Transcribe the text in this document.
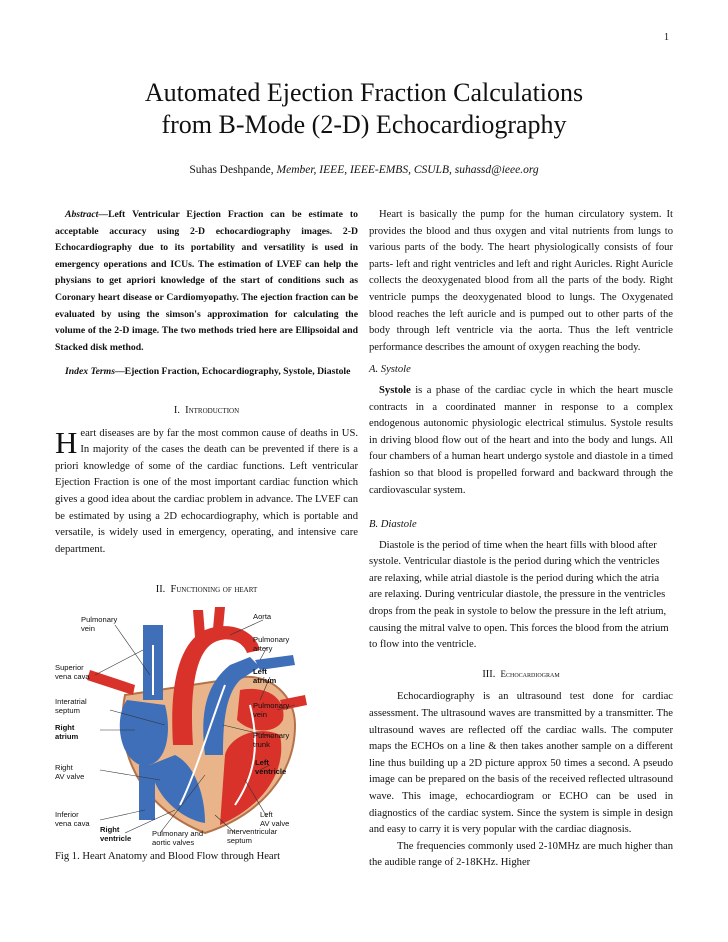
1
Automated Ejection Fraction Calculations
from B-Mode (2-D) Echocardiography
Suhas Deshpande, Member, IEEE, IEEE-EMBS, CSULB, suhassd@ieee.org

Abstract—Left Ventricular Ejection Fraction can be estimate to acceptable accuracy using 2-D echocardiography images. 2-D Echocardiography due to its portability and versatility is used in emergency operations and ICUs. The estimation of LVEF can help the physians to get apriori knowledge of the start of conditions such as Coronary heart disease or Cardiomyopathy. The ejection fraction can be evaluated by using the simson's approximation for calculating the volume of the 2-D image. The two methods tried here are Ellipsoidal and Stacked disk method.

Index Terms—Ejection Fraction, Echocardiography, Systole, Diastole

I. Introduction

Heart diseases are by far the most common cause of deaths in US. In majority of the cases the death can be prevented if there is a priori knowledge of some of the cardiac functions. Left ventricular Ejection Fraction is one of the most important cardiac function which gives a good idea about the cardiac problem in advance. The LVEF can be estimated by using a 2D echocardiography, which is portable and versatile, is widely used in emergency, operating, and intensive care department.

II. Functioning of heart
Pulmonary
vein
Aorta
Superior
vena cava
Pulmonary
artery
Left
atrium
Interatrial
septum
Right
atrium
Pulmonary
vein
Pulmonary
trunk
Left
ventricle
Right
AV valve
Inferior
vena cava
Right
ventricle
Pulmonary and
aortic valves
Interventricular
septum
Left
AV valve
Fig 1. Heart Anatomy and Blood Flow through Heart

Heart is basically the pump for the human circulatory system. It provides the blood and thus oxygen and vital nutrients from lungs to various parts of the body. The heart physiologically consists of four parts- left and right ventricles and left and right Auricles. Right Auricle collects the deoxygenated blood from all the parts of the body. Right ventricle pumps the deoxygenated blood to lungs. The Oxygenated blood reaches the left auricle and is pumped out to other parts of the body through left ventricle via the aorta. Thus the left ventricle performance describes the amount of oxygen reaching the body.

A. Systole

Systole is a phase of the cardiac cycle in which the heart muscle contracts in a coordinated manner in response to a complex endogenous autonomic physiologic electrical stimulus. Systole results in driving blood flow out of the heart and into the body and lungs. All four chambers of a human heart undergo systole and diastole in a timed fashion so that blood is propelled forward and backward through the cardiovascular system.

B. Diastole

Diastole is the period of time when the heart fills with blood after systole. Ventricular diastole is the period during which the ventricles are relaxing, while atrial diastole is the period during which the atria are relaxing. During ventricular diastole, the pressure in the ventricles drops from the peak in systole to below the pressure in the left atrium, causing the mitral valve to open. This forces the blood from the atrium to flow into the ventricle.

III. Echocardiogram

Echocardiography is an ultrasound test done for cardiac assessment. The ultrasound waves are transmitted by a transmitter. The ultrasound waves are reflected off the cardiac walls. The computer maps the ECHOs on a line & then takes another sample on a different line thus building up a 2D picture approx 50 times a second. A pseudo image can be prepared on the basis of the received reflected ultrasound wave. This image, echocardiogram or ECHO can be used in diagnostics of the cardiac system. Since the system is simple in design and easy to carry it is very popular with the cardiac diagnosis.

The frequencies commonly used 2-10MHz are much higher than the audible range of 2-18KHz. Higher
